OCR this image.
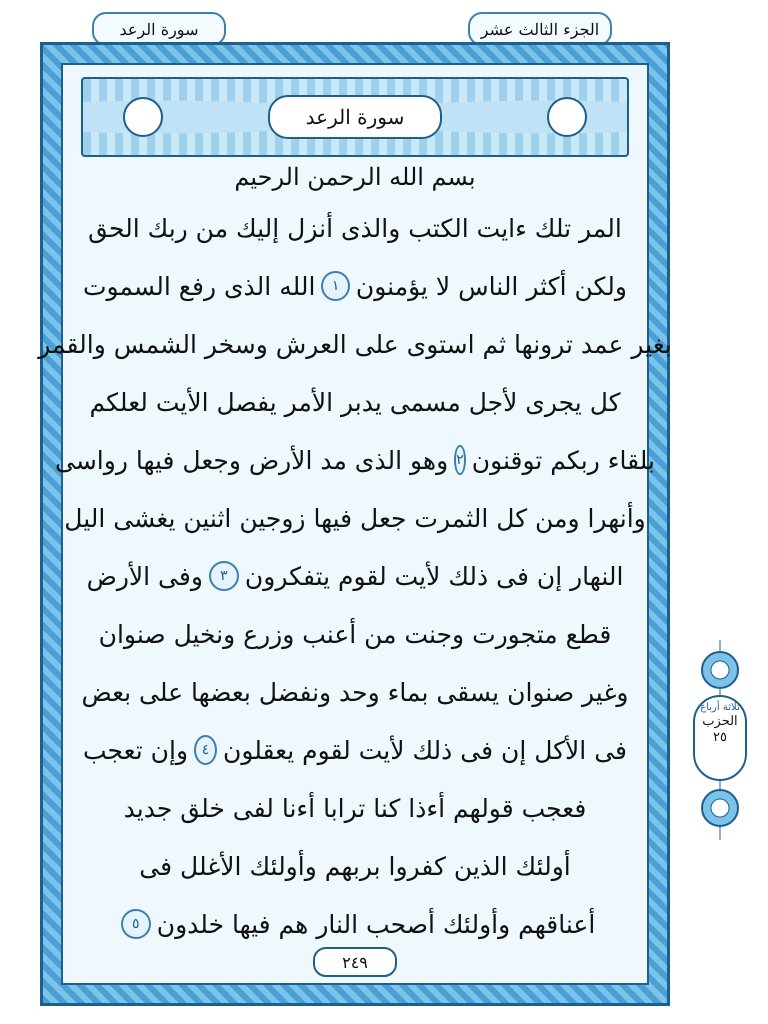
سورة الرعد	الجزء الثالث عشر
سورة الرعد
بسم الله الرحمن الرحيم
المر تلك ءايت الكتب والذى أنزل إليك من ربك الحق
ولكن أكثر الناس لا يؤمنون
١
الله الذى رفع السموت
بغير عمد ترونها ثم استوى على العرش وسخر الشمس والقمر
كل يجرى لأجل مسمى يدبر الأمر يفصل الأيت لعلكم
بلقاء ربكم توقنون
٢
وهو الذى مد الأرض وجعل فيها رواسى
وأنهرا ومن كل الثمرت جعل فيها زوجين اثنين يغشى اليل
النهار إن فى ذلك لأيت لقوم يتفكرون
٣
وفى الأرض
قطع متجورت وجنت من أعنب وزرع ونخيل صنوان
وغير صنوان يسقى بماء وحد ونفضل بعضها على بعض
فى الأكل إن فى ذلك لأيت لقوم يعقلون
٤
وإن تعجب
فعجب قولهم أءذا كنا ترابا أءنا لفى خلق جديد
أولئك الذين كفروا بربهم وأولئك الأغلل فى
أعناقهم وأولئك أصحب النار هم فيها خلدون
٥
٢٤٩
ثلاثة أرباع
الحزب
٢٥
